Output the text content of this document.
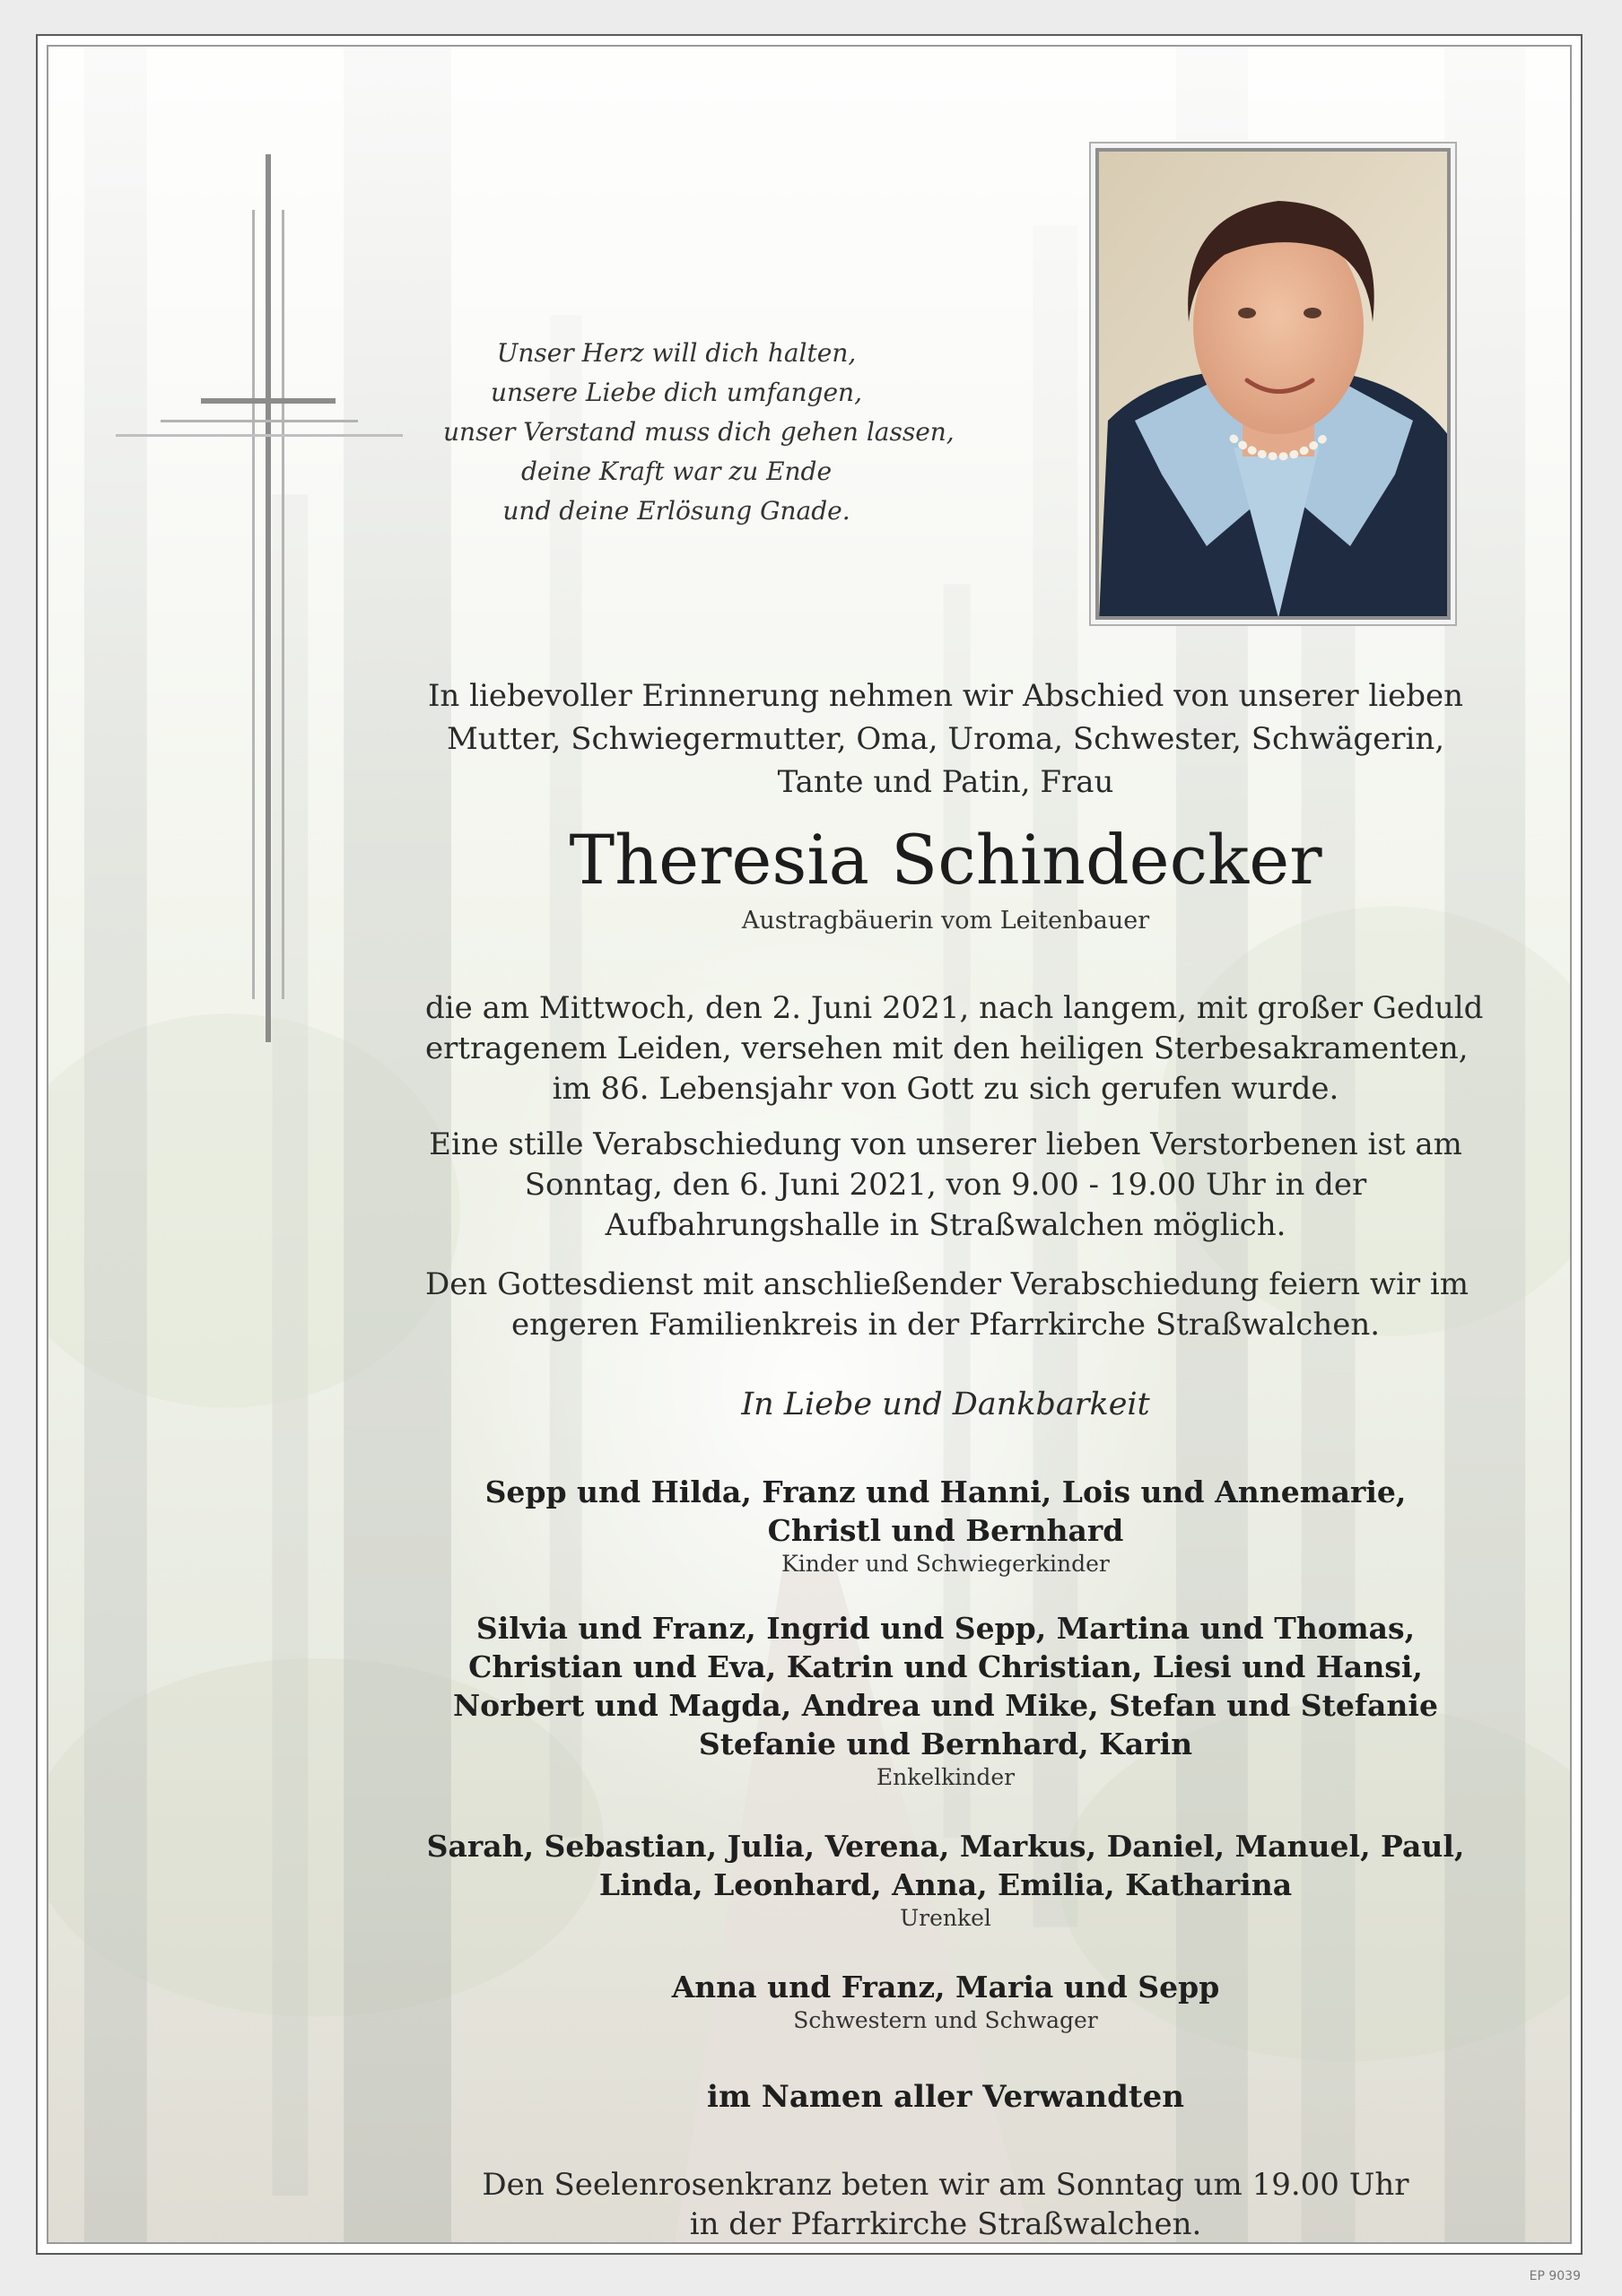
Unser Herz will dich halten,
unsere Liebe dich umfangen,
unser Verstand muss dich gehen lassen,
deine Kraft war zu Ende
und deine Erlösung Gnade.
In liebevoller Erinnerung nehmen wir Abschied von unserer lieben
Mutter, Schwiegermutter, Oma, Uroma, Schwester, Schwägerin,
Tante und Patin, Frau
Theresia Schindecker
Austragbäuerin vom Leitenbauer
die am Mittwoch, den 2. Juni 2021, nach langem, mit großer Geduld
ertragenem Leiden, versehen mit den heiligen Sterbesakramenten,
im 86. Lebensjahr von Gott zu sich gerufen wurde.
Eine stille Verabschiedung von unserer lieben Verstorbenen ist am
Sonntag, den 6. Juni 2021, von 9.00 - 19.00 Uhr in der
Aufbahrungshalle in Straßwalchen möglich.
Den Gottesdienst mit anschließender Verabschiedung feiern wir im
engeren Familienkreis in der Pfarrkirche Straßwalchen.
In Liebe und Dankbarkeit
Sepp und Hilda, Franz und Hanni, Lois und Annemarie,
Christl und Bernhard
Kinder und Schwiegerkinder
Silvia und Franz, Ingrid und Sepp, Martina und Thomas,
Christian und Eva, Katrin und Christian, Liesi und Hansi,
Norbert und Magda, Andrea und Mike, Stefan und Stefanie
Stefanie und Bernhard, Karin
Enkelkinder
Sarah, Sebastian, Julia, Verena, Markus, Daniel, Manuel, Paul,
Linda, Leonhard, Anna, Emilia, Katharina
Urenkel
Anna und Franz, Maria und Sepp
Schwestern und Schwager
im Namen aller Verwandten
Den Seelenrosenkranz beten wir am Sonntag um 19.00 Uhr
in der Pfarrkirche Straßwalchen.
EP 9039
